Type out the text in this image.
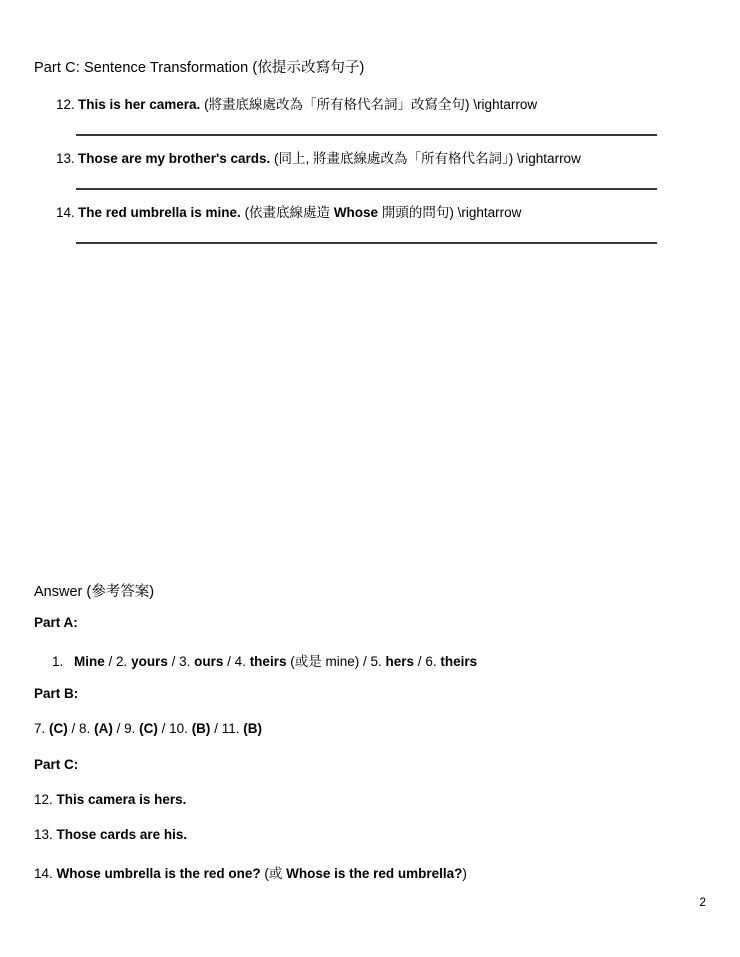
Part C: Sentence Transformation (依提示改寫句子)
12. This is her camera. (將畫底線處改為「所有格代名詞」改寫全句) \rightarrow
13. Those are my brother's cards. (同上, 將畫底線處改為「所有格代名詞」) \rightarrow
14. The red umbrella is mine. (依畫底線處造 Whose 開頭的問句) \rightarrow
Answer (參考答案)
Part A:
1. Mine / 2. yours / 3. ours / 4. theirs (或是 mine) / 5. hers / 6. theirs
Part B:
7. (C) / 8. (A) / 9. (C) / 10. (B) / 11. (B)
Part C:
12. This camera is hers.
13. Those cards are his.
14. Whose umbrella is the red one? (或 Whose is the red umbrella?)
2
